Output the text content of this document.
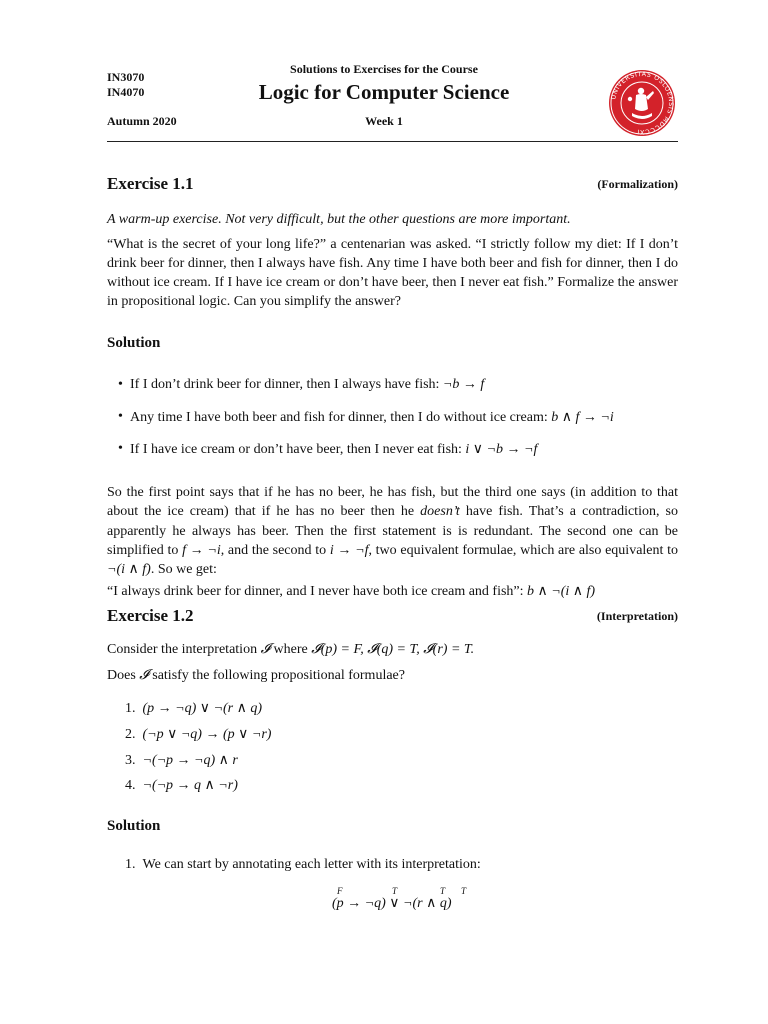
IN3070
IN4070
Solutions to Exercises for the Course
Logic for Computer Science
Autumn 2020	Week 1
UNIVERSITAS OSLOENSIS MDCCCXI
Exercise 1.1	(Formalization)
A warm-up exercise. Not very difficult, but the other questions are more important.
“What is the secret of your long life?” a centenarian was asked. “I strictly follow my diet: If I don’t drink beer for dinner, then I always have fish. Any time I have both beer and fish for dinner, then I do without ice cream. If I have ice cream or don’t have beer, then I never eat fish.” Formalize the answer in propositional logic. Can you simplify the answer?
Solution
• If I don’t drink beer for dinner, then I always have fish: ¬b → f
• Any time I have both beer and fish for dinner, then I do without ice cream: b ∧ f → ¬i
• If I have ice cream or don’t have beer, then I never eat fish: i ∨ ¬b → ¬f
So the first point says that if he has no beer, he has fish, but the third one says (in addition to that about the ice cream) that if he has no beer then he doesn’t have fish. That’s a contradiction, so apparently he always has beer. Then the first statement is is redundant. The second one can be simplified to f → ¬i, and the second to i → ¬f, two equivalent formulae, which are also equivalent to ¬(i ∧ f). So we get:
“I always drink beer for dinner, and I never have both ice cream and fish”: b ∧ ¬(i ∧ f)
Exercise 1.2	(Interpretation)
Consider the interpretation 𝓘 where 𝓘(p) = F, 𝓘(q) = T, 𝓘(r) = T.
Does 𝓘 satisfy the following propositional formulae?
1. (p → ¬q) ∨ ¬(r ∧ q)
2. (¬p ∨ ¬q) → (p ∨ ¬r)
3. ¬(¬p → ¬q) ∧ r
4. ¬(¬p → q ∧ ¬r)
Solution
1. We can start by annotating each letter with its interpretation:
F	T	T T
(p → ¬q) ∨ ¬(r ∧ q)
